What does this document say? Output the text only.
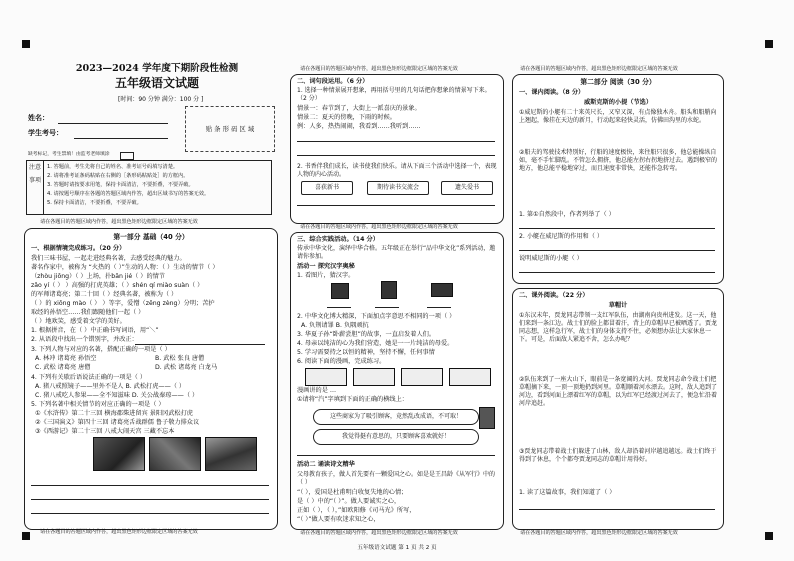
2023—2024 学年度下期阶段性检测
五年级语文试题
[时间：90 分钟 满分：100 分 ]
姓名：
学生考号：	贴 条 形 码 区 域
缺考标记，考生禁填！由监考老师填涂
注意事项
1. 答题前，考生先将自己的姓名、准考证号码填写清楚。
2. 请将准考证条码粘贴在右侧的［条形码粘贴处］的方框内。
3. 答题时请按要求用笔，保持卡面清洁，不要折叠，不要弄破。
4. 请按题号顺序在各题的答题区域内作答，超出区域书写的答案无效。
5. 保持卡面清洁，不要折叠，不要弄破。
请在各题目的答题区域内作答，超出黑色矩形边框限定区域的答案无效
第一部分 基础（40 分）
一、根据情境完成练习。（20 分）
我们三味书屋，一起走进经典名著，去感受经典的魅力。
著名作家中，被称为 “火热的（ ）”生动的人物：（ ）生动的情节（ ）
（zhòu jiōng）（ ）上场，扑bān jié（ ）的情节
zǎo yí（ ） ）高强的打虎英雄；（ ）shén qí miào suàn（ ）
的军师诸葛亮；第二十回（ ）经典名著，被称为（ ）
（ ）的 xiōng mào（ ） ）等字，爱憎（zēng zèng）分明；苦护
取经的孙悟空……我们跟随他们一起（ ）
（ ）地欢笑，感受着文学的美好。
1. 根据拼音，在（ ）中正确书写词语，用“＼”
2. 从语段中找出一个错别字，并改正：
3. 下列人物与对应的名著，搭配正确的一项是（ ）
A. 林冲 诸葛亮 孙悟空	B. 武松 张良 唐僧
C. 武松 诸葛亮 唐僧	D. 武松 诸葛亮 白龙马
4. 下列有关歇后语说法正确的一项是（ ）
A. 猪八戒照镜子——里外不是人 B. 武松打虎——（ ）
C. 猪八戒吃人参果——全不知滋味 D. 关公战秦琼——（ ）
5. 下列名著中相关情节的对应正确的一项是（ ）
①《水浒传》第二十三回 横海郡柴进留宾 景阳冈武松打虎
②《三国演义》第四十三回 诸葛亮舌战群儒 鲁子敬力排众议
③《西游记》第二十三回 八戒大闹天宫 三藏不忘本
请在各题目的答题区域内作答，超出黑色矩形边框限定区域的答案无效
请在各题目的答题区域内作答，超出黑色矩形边框限定区域的答案无效
二、词句段运用。（6 分）
1. 选择一种情景展开想象，再用括号里的几句话把你想象的情景写下来。（2 分）
情景一：春节到了，大街上一派喜庆的景象。
情景二：夏天的傍晚，下雨的时候。
例：人多，热热闹闹，我看到……我听到……
2. 书香伴我们成长，读书使我们快乐。请从下面三个活动中选择一个，表现人物的内心活动。
喜获新书	期待读书交流会	遗失爱书
请在各题目的答题区域内作答，超出黑色矩形边框限定区域的答案无效
三、综合实践活动。（14 分）
传承中华文化，演绎中华合格。五年级正在举行“品中华文化”系列活动，邀请你参加。
活动一 探究汉字奥秘
1. 看图片，猜汉字。
2. 中华文化博大精深，下面加点字意思不相同的一项（ ）
A. 负荆请罪 B. 负隅顽抗
3. 华夏子孙“卧薪尝胆”的故事，一直启发着人们。
4. 母亲以纯洁的心为我们营造，她是一一片纯洁的母爱。
5. 学习需要持之以恒的精神，坚持不懈，任何事情
6. 阅读下面的漫画，完成练习。
漫画讲的是 …
①请将“汽”字填到下面的正确的横线上：
这些商家为了吸引顾客，竟然乱改成语，不可取！
我觉得挺有意思的，只要顾客喜欢就好！
活动二 诵读诗文精华
父母教育孩子，做人首先要有一颗爱国之心。如是是王昌龄《从军行》中的（ ）
“（ ），爱国是杜甫明白收复失地的心情；
是（ ）中的“（ ）”。做人要诚实之心，
正如（ ），（ ），”如欧阳修《司马光》所写，
“（ ）”做人要有吹迷求知之心，
请在各题目的答题区域内作答，超出黑色矩形边框限定区域的答案无效
请在各题目的答题区域内作答，超出黑色矩形边框限定区域的答案无效
第二部分 阅读（30 分）
一、课内阅读。（8 分）
威斯克斯的小提（节选）
①威尼斯的小艇有二十来英尺长，又窄又深，有点像独木舟。船头和船艄向上翘起，像挂在天边的新月，行动起来轻快灵活，仿佛田沟里的水蛇。
②船夫的驾驶技术特别好，行船的速度极快，来往船只很多，他总能操纵自如，毫不手忙脚乱。不管怎么拥挤，他总能左拐右拐地挤过去。遇到极窄的地方，他总能平稳地穿过，而且速度非常快，还能作急转弯。
1. 第①自然段中，作者列举了（ ）
2. 小艇在威尼斯的作用和（ ）
说明威尼斯的小艇（ ）
二、课外阅读。（22 分）
草帽计
①东汉末年，贾龙同志带领一支红军队伍，由湖南向贵州进发。这一天，他们来到一条江边。战士们的脸上都冒着汗，背上的草帽早已被晒透了。贾龙同志想，这样急行军，战士们的身体支持不住，必须想办法让大家休息一下。可是，后面敌人紧追不舍，怎么办呢？
②队伍来到了一座大山下，眼前是一条宽阔的大河。贾龙同志命令战士们把草帽摘下来，一顶一顶地扔到河里。草帽顺着河水漂去。这时，敌人追到了河边，看到河面上漂着红军的草帽，以为红军已经渡过河去了，便急忙沿着河岸追赶。
③贾龙同志带着战士们躲进了山林，敌人却沿着河岸越追越远。战士们终于得到了休息，个个都夸贾龙同志的草帽计用得好。
1. 读了这篇故事，我们知道了（ ）
请在各题目的答题区域内作答，超出黑色矩形边框限定区域的答案无效
五年级语文试题 第 1 页 共 2 页
